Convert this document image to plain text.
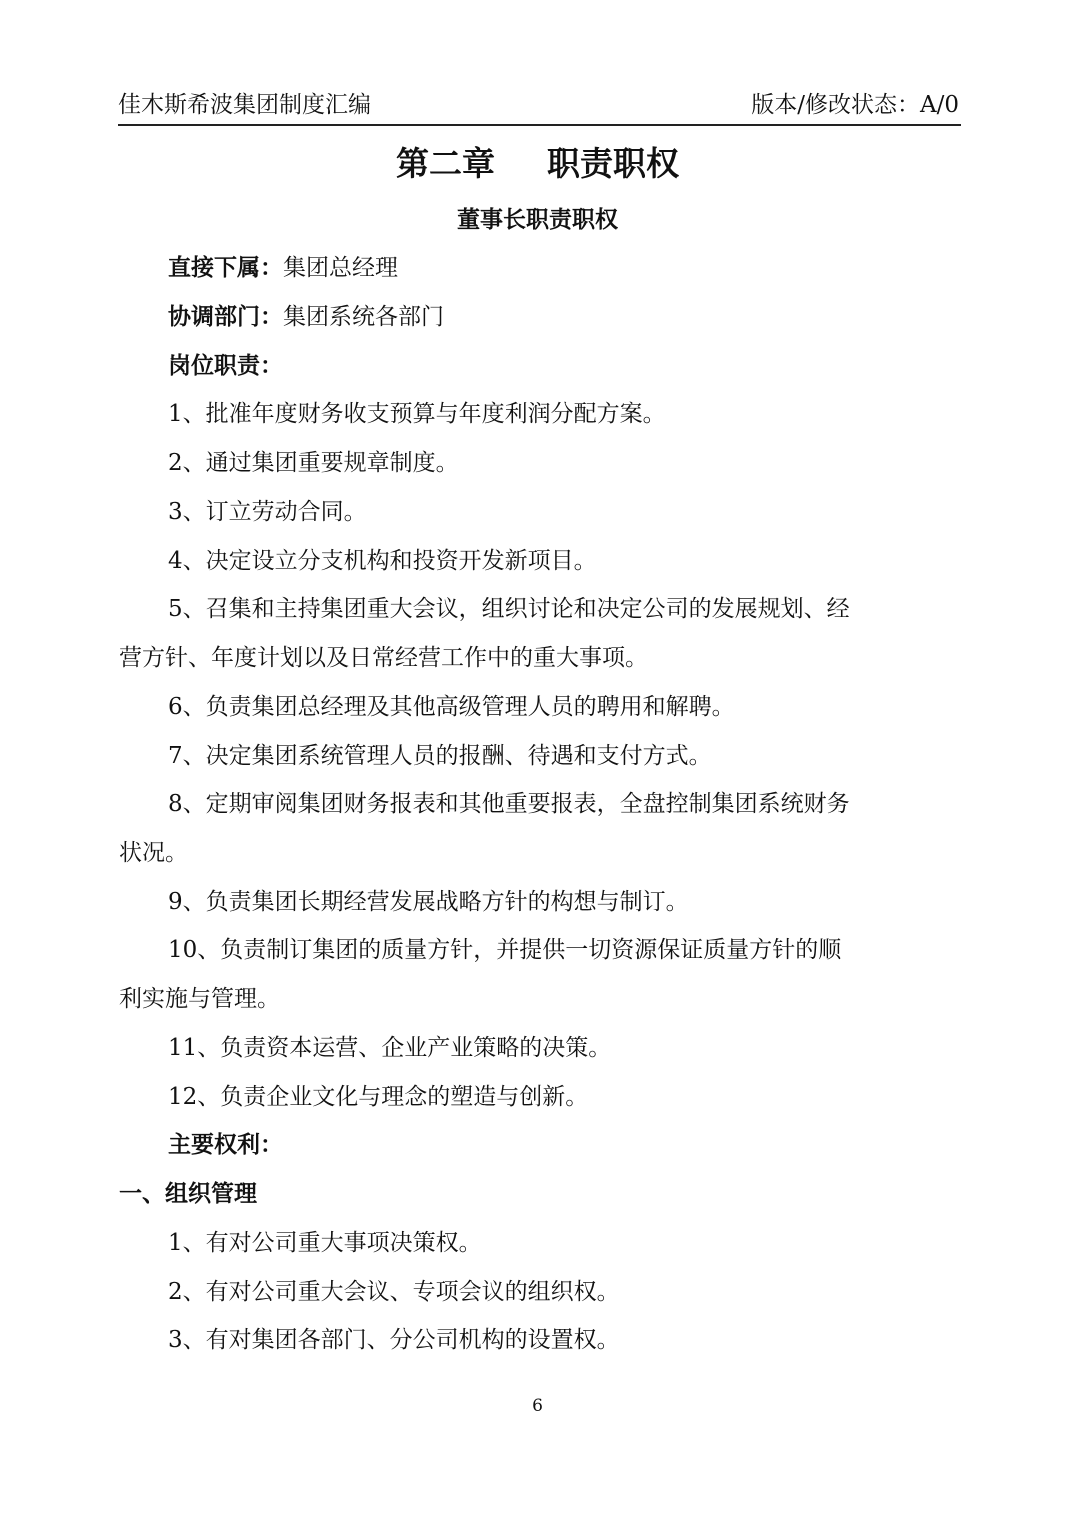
佳木斯希波集团制度汇编	版本/修改状态：A/0
第二章 职责职权
董事长职责职权
直接下属：集团总经理
协调部门：集团系统各部门
岗位职责：
1、批准年度财务收支预算与年度利润分配方案。
2、通过集团重要规章制度。
3、订立劳动合同。
4、决定设立分支机构和投资开发新项目。
5、召集和主持集团重大会议，组织讨论和决定公司的发展规划、经
营方针、年度计划以及日常经营工作中的重大事项。
6、负责集团总经理及其他高级管理人员的聘用和解聘。
7、决定集团系统管理人员的报酬、待遇和支付方式。
8、定期审阅集团财务报表和其他重要报表，全盘控制集团系统财务
状况。
9、负责集团长期经营发展战略方针的构想与制订。
10、负责制订集团的质量方针，并提供一切资源保证质量方针的顺
利实施与管理。
11、负责资本运营、企业产业策略的决策。
12、负责企业文化与理念的塑造与创新。
主要权利：
一、组织管理
1、有对公司重大事项决策权。
2、有对公司重大会议、专项会议的组织权。
3、有对集团各部门、分公司机构的设置权。
6
